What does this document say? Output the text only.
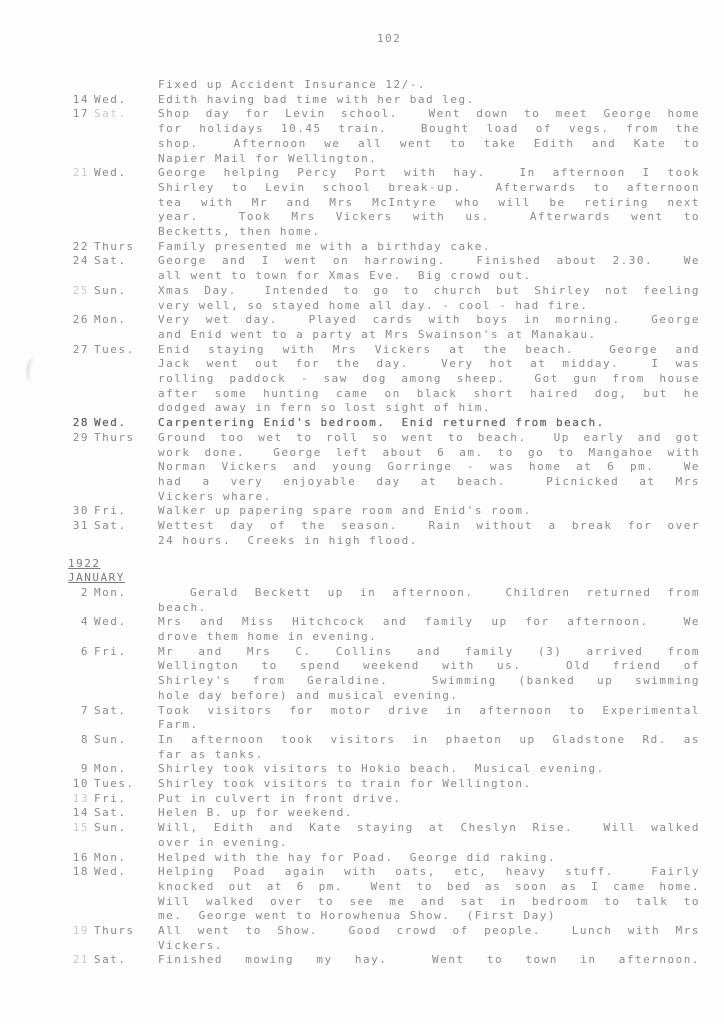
102
Fixed up Accident Insurance 12/-.
14 Wed.	Edith having bad time with her bad leg.
17 Sat.	Shop day for Levin school.  Went down to meet George home
for holidays 10.45 train.  Bought load of vegs. from the
shop.  Afternoon we all went to take Edith and Kate to
Napier Mail for Wellington.
21 Wed.	George helping Percy Port with hay.  In afternoon I took
Shirley to Levin school break-up.  Afterwards to afternoon
tea with Mr and Mrs McIntyre who will be retiring next
year.  Took Mrs Vickers with us.  Afterwards went to
Becketts, then home.
22 Thurs	Family presented me with a birthday cake.
24 Sat.	George and I went on harrowing.  Finished about 2.30.  We
all went to town for Xmas Eve.  Big crowd out.
25 Sun.	Xmas Day.  Intended to go to church but Shirley not feeling
very well, so stayed home all day. - cool - had fire.
26 Mon.	Very wet day.  Played cards with boys in morning.  George
and Enid went to a party at Mrs Swainson's at Manakau.
27 Tues.	Enid staying with Mrs Vickers at the beach.  George and
Jack went out for the day.  Very hot at midday.  I was
rolling paddock - saw dog among sheep.  Got gun from house
after some hunting came on black short haired dog, but he
dodged away in fern so lost sight of him.
28 Wed.	Carpentering Enid's bedroom.  Enid returned from beach.
29 Thurs	Ground too wet to roll so went to beach.  Up early and got
work done.  George left about 6 am. to go to Mangahoe with
Norman Vickers and young Gorringe - was home at 6 pm.  We
had a very enjoyable day at beach.  Picnicked at Mrs
Vickers whare.
30 Fri.	Walker up papering spare room and Enid's room.
31 Sat.	Wettest day of the season.  Rain without a break for over
24 hours.  Creeks in high flood.
1922
JANUARY
2 Mon.	Gerald Beckett up in afternoon.  Children returned from
beach.
4 Wed.	Mrs and Miss Hitchcock and family up for afternoon.  We
drove them home in evening.
6 Fri.	Mr and Mrs C. Collins and family (3) arrived from
Wellington to spend weekend with us.  Old friend of
Shirley's from Geraldine.  Swimming (banked up swimming
hole day before) and musical evening.
7 Sat.	Took visitors for motor drive in afternoon to Experimental
Farm.
8 Sun.	In afternoon took visitors in phaeton up Gladstone Rd. as
far as tanks.
9 Mon.	Shirley took visitors to Hokio beach.  Musical evening.
10 Tues.	Shirley took visitors to train for Wellington.
13 Fri.	Put in culvert in front drive.
14 Sat.	Helen B. up for weekend.
15 Sun.	Will, Edith and Kate staying at Cheslyn Rise.  Will walked
over in evening.
16 Mon.	Helped with the hay for Poad.  George did raking.
18 Wed.	Helping Poad again with oats, etc, heavy stuff.  Fairly
knocked out at 6 pm.  Went to bed as soon as I came home.
Will walked over to see me and sat in bedroom to talk to
me.  George went to Horowhenua Show.  (First Day)
19 Thurs	All went to Show.  Good crowd of people.  Lunch with Mrs
Vickers.
21 Sat.	Finished mowing my hay.  Went to town in afternoon.
